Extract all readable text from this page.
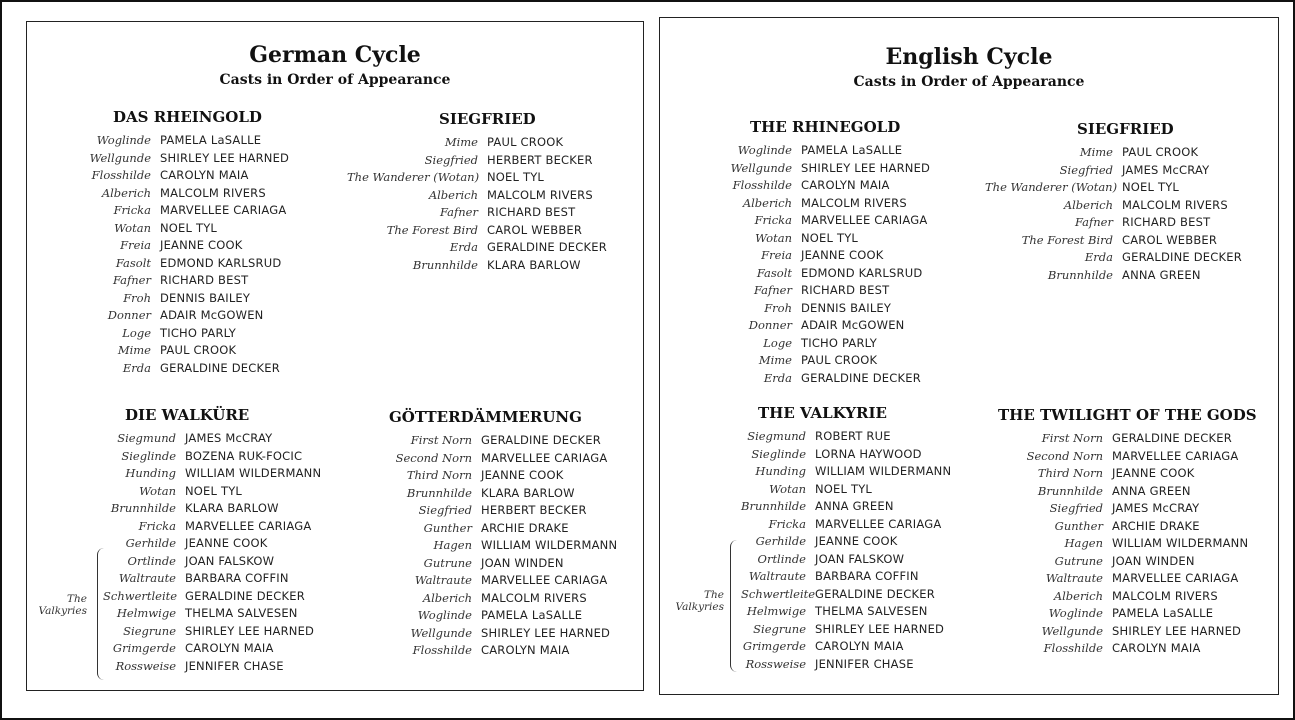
German Cycle
Casts in Order of Appearance
DAS RHEINGOLD
Woglinde PAMELA LaSALLE
Wellgunde SHIRLEY LEE HARNED
Flosshilde CAROLYN MAIA
Alberich MALCOLM RIVERS
Fricka MARVELLEE CARIAGA
Wotan NOEL TYL
Freia JEANNE COOK
Fasolt EDMOND KARLSRUD
Fafner RICHARD BEST
Froh DENNIS BAILEY
Donner ADAIR McGOWEN
Loge TICHO PARLY
Mime PAUL CROOK
Erda GERALDINE DECKER
SIEGFRIED
Mime PAUL CROOK
Siegfried HERBERT BECKER
The Wanderer (Wotan) NOEL TYL
Alberich MALCOLM RIVERS
Fafner RICHARD BEST
The Forest Bird CAROL WEBBER
Erda GERALDINE DECKER
Brunnhilde KLARA BARLOW
DIE WALKÜRE
Siegmund JAMES McCRAY
Sieglinde BOZENA RUK-FOCIC
Hunding WILLIAM WILDERMANN
Wotan NOEL TYL
Brunnhilde KLARA BARLOW
Fricka MARVELLEE CARIAGA
Gerhilde JEANNE COOK
Ortlinde JOAN FALSKOW
Waltraute BARBARA COFFIN
Schwertleite GERALDINE DECKER
Helmwige THELMA SALVESEN
Siegrune SHIRLEY LEE HARNED
Grimgerde CAROLYN MAIA
Rossweise JENNIFER CHASE
GÖTTERDÄMMERUNG
First Norn GERALDINE DECKER
Second Norn MARVELLEE CARIAGA
Third Norn JEANNE COOK
Brunnhilde KLARA BARLOW
Siegfried HERBERT BECKER
Gunther ARCHIE DRAKE
Hagen WILLIAM WILDERMANN
Gutrune JOAN WINDEN
Waltraute MARVELLEE CARIAGA
Alberich MALCOLM RIVERS
Woglinde PAMELA LaSALLE
Wellgunde SHIRLEY LEE HARNED
Flosshilde CAROLYN MAIA
The
Valkyries
English Cycle
Casts in Order of Appearance
THE RHINEGOLD
Woglinde PAMELA LaSALLE
Wellgunde SHIRLEY LEE HARNED
Flosshilde CAROLYN MAIA
Alberich MALCOLM RIVERS
Fricka MARVELLEE CARIAGA
Wotan NOEL TYL
Freia JEANNE COOK
Fasolt EDMOND KARLSRUD
Fafner RICHARD BEST
Froh DENNIS BAILEY
Donner ADAIR McGOWEN
Loge TICHO PARLY
Mime PAUL CROOK
Erda GERALDINE DECKER
SIEGFRIED
Mime PAUL CROOK
Siegfried JAMES McCRAY
The Wanderer (Wotan) NOEL TYL
Alberich MALCOLM RIVERS
Fafner RICHARD BEST
The Forest Bird CAROL WEBBER
Erda GERALDINE DECKER
Brunnhilde ANNA GREEN
THE VALKYRIE
Siegmund ROBERT RUE
Sieglinde LORNA HAYWOOD
Hunding WILLIAM WILDERMANN
Wotan NOEL TYL
Brunnhilde ANNA GREEN
Fricka MARVELLEE CARIAGA
Gerhilde JEANNE COOK
Ortlinde JOAN FALSKOW
Waltraute BARBARA COFFIN
Schwertleite GERALDINE DECKER
Helmwige THELMA SALVESEN
Siegrune SHIRLEY LEE HARNED
Grimgerde CAROLYN MAIA
Rossweise JENNIFER CHASE
THE TWILIGHT OF THE GODS
First Norn GERALDINE DECKER
Second Norn MARVELLEE CARIAGA
Third Norn JEANNE COOK
Brunnhilde ANNA GREEN
Siegfried JAMES McCRAY
Gunther ARCHIE DRAKE
Hagen WILLIAM WILDERMANN
Gutrune JOAN WINDEN
Waltraute MARVELLEE CARIAGA
Alberich MALCOLM RIVERS
Woglinde PAMELA LaSALLE
Wellgunde SHIRLEY LEE HARNED
Flosshilde CAROLYN MAIA
The
Valkyries
